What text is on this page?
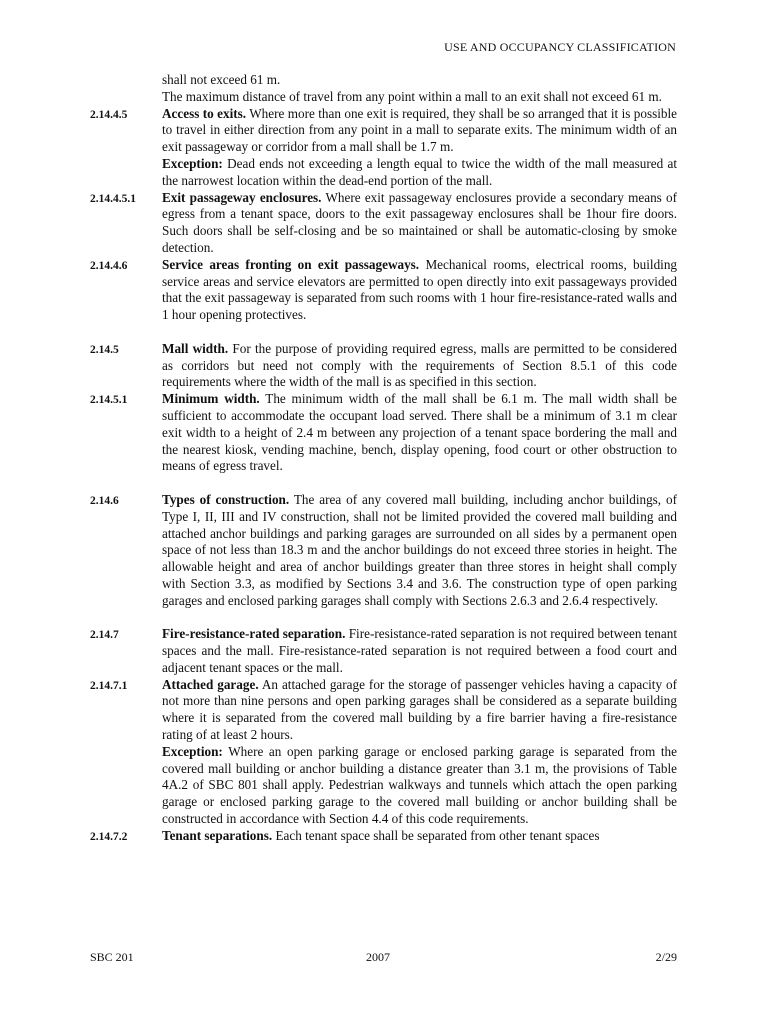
USE AND OCCUPANCY CLASSIFICATION
shall not exceed 61 m.
The maximum distance of travel from any point within a mall to an exit shall not exceed 61 m.
2.14.4.5	Access to exits. Where more than one exit is required, they shall be so arranged that it is possible to travel in either direction from any point in a mall to separate exits. The minimum width of an exit passageway or corridor from a mall shall be 1.7 m.
Exception: Dead ends not exceeding a length equal to twice the width of the mall measured at the narrowest location within the dead-end portion of the mall.
2.14.4.5.1	Exit passageway enclosures. Where exit passageway enclosures provide a secondary means of egress from a tenant space, doors to the exit passageway enclosures shall be 1hour fire doors. Such doors shall be self-closing and be so maintained or shall be automatic-closing by smoke detection.
2.14.4.6	Service areas fronting on exit passageways. Mechanical rooms, electrical rooms, building service areas and service elevators are permitted to open directly into exit passageways provided that the exit passageway is separated from such rooms with 1 hour fire-resistance-rated walls and 1 hour opening protectives.
2.14.5	Mall width. For the purpose of providing required egress, malls are permitted to be considered as corridors but need not comply with the requirements of Section 8.5.1 of this code requirements where the width of the mall is as specified in this section.
2.14.5.1	Minimum width. The minimum width of the mall shall be 6.1 m. The mall width shall be sufficient to accommodate the occupant load served. There shall be a minimum of 3.1 m clear exit width to a height of 2.4 m between any projection of a tenant space bordering the mall and the nearest kiosk, vending machine, bench, display opening, food court or other obstruction to means of egress travel.
2.14.6	Types of construction. The area of any covered mall building, including anchor buildings, of Type I, II, III and IV construction, shall not be limited provided the covered mall building and attached anchor buildings and parking garages are surrounded on all sides by a permanent open space of not less than 18.3 m and the anchor buildings do not exceed three stories in height. The allowable height and area of anchor buildings greater than three stores in height shall comply with Section 3.3, as modified by Sections 3.4 and 3.6. The construction type of open parking garages and enclosed parking garages shall comply with Sections 2.6.3 and 2.6.4 respectively.
2.14.7	Fire-resistance-rated separation. Fire-resistance-rated separation is not required between tenant spaces and the mall. Fire-resistance-rated separation is not required between a food court and adjacent tenant spaces or the mall.
2.14.7.1	Attached garage. An attached garage for the storage of passenger vehicles having a capacity of not more than nine persons and open parking garages shall be considered as a separate building where it is separated from the covered mall building by a fire barrier having a fire-resistance rating of at least 2 hours.
Exception: Where an open parking garage or enclosed parking garage is separated from the covered mall building or anchor building a distance greater than 3.1 m, the provisions of Table 4A.2 of SBC 801 shall apply. Pedestrian walkways and tunnels which attach the open parking garage or enclosed parking garage to the covered mall building or anchor building shall be constructed in accordance with Section 4.4 of this code requirements.
2.14.7.2	Tenant separations. Each tenant space shall be separated from other tenant spaces
SBC 201	2007	2/29
